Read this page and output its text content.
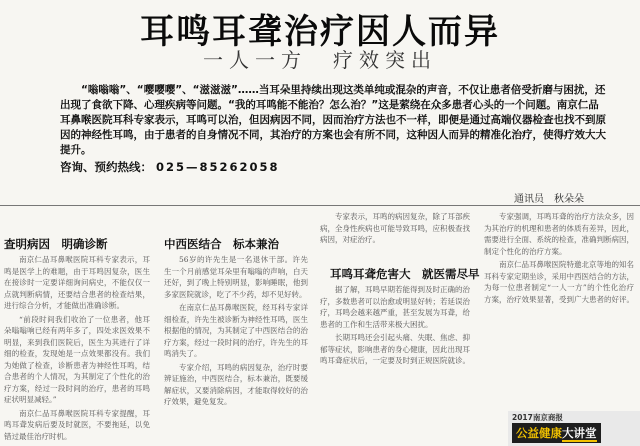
耳鸣耳聋治疗因人而异
一人一方　疗效突出
“嗡嗡嗡”、“嘤嘤嘤”、“滋滋滋”……当耳朵里持续出现这类单纯或混杂的声音，不仅让患者倍受折磨与困扰，还出现了食欲下降、心理疾病等问题。“我的耳鸣能不能治？怎么治？”这是萦绕在众多患者心头的一个问题。南京仁品耳鼻喉医院耳科专家表示，耳鸣可以治，但因病因不同，因而治疗方法也不一样，即便是通过高端仪器检查也找不到原因的神经性耳鸣，由于患者的自身情况不同，其治疗的方案也会有所不同，这种因人而异的精准化治疗，使得疗效大大提升。
咨询、预约热线： 025—85262058
通讯员　秋朵朵
查明病因　明确诊断

南京仁品耳鼻喉医院耳科专家表示，耳鸣是医学上的难题，由于耳鸣因复杂，医生在接诊时一定要详细询问病史，不能仅仅一点就判断病情，还要结合患者的检查结果，进行综合分析，才能做出准确诊断。

“前段时间我们收治了一位患者，他耳朵嗡嗡响已经有两年多了，四处求医效果不明显，来到我们医院后，医生为其进行了详细的检查，发现她是一点效果都没有。我们为她做了检查，诊断患者为神经性耳鸣，结合患者的个人情况，为其制定了个性化的治疗方案，经过一段时间的治疗，患者的耳鸣症状明显减轻。”

南京仁品耳鼻喉医院耳科专家提醒，耳鸣耳聋发病后要及时就医，不要拖延，以免错过最佳治疗时机。

中西医结合　标本兼治

56岁的许先生是一名退休干部。许先生一个月前感觉耳朵里有嗡嗡的声响，白天还好，到了晚上特别明显，影响睡眠，他到多家医院就诊，吃了不少药，却不见好转。

在南京仁品耳鼻喉医院，经耳科专家详细检查，许先生被诊断为神经性耳鸣，医生根据他的情况，为其制定了中西医结合的治疗方案，经过一段时间的治疗，许先生的耳鸣消失了。

专家介绍，耳鸣的病因复杂，治疗时要辨证施治，中西医结合，标本兼治，既要缓解症状，又要消除病因，才能取得较好的治疗效果，避免复发。

专家表示，耳鸣的病因复杂，除了耳部疾病，全身性疾病也可能导致耳鸣，应积极查找病因，对症治疗。

耳鸣耳聋危害大　就医需尽早

据了解，耳鸣早期若能得到及时正确的治疗，多数患者可以治愈或明显好转；若延误治疗，耳鸣会越来越严重，甚至发展为耳聋，给患者的工作和生活带来极大困扰。

长期耳鸣还会引起头痛、失眠、焦虑、抑郁等症状，影响患者的身心健康，因此出现耳鸣耳聋症状后，一定要及时到正规医院就诊。

专家强调，耳鸣耳聋的治疗方法众多，因为其治疗的机理和患者的体质有差异，因此，需要进行全面、系统的检查，准确判断病因，制定个性化的治疗方案。

南京仁品耳鼻喉医院特邀北京等地的知名耳科专家定期坐诊，采用中西医结合的方法，为每一位患者制定“一人一方”的个性化治疗方案，治疗效果显著，受到广大患者的好评。

2017南京商报
公益健康大讲堂
